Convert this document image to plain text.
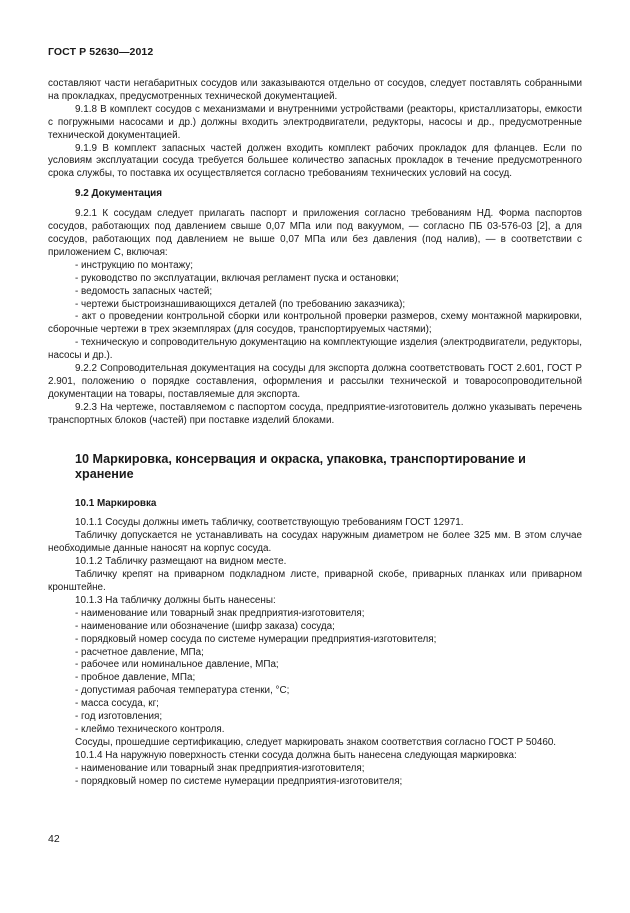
ГОСТ Р 52630—2012

составляют части негабаритных сосудов или заказываются отдельно от сосудов, следует поставлять собранными на прокладках, предусмотренных технической документацией.

9.1.8 В комплект сосудов с механизмами и внутренними устройствами (реакторы, кристаллизаторы, емкости с погружными насосами и др.) должны входить электродвигатели, редукторы, насосы и др., предусмотренные технической документацией.

9.1.9 В комплект запасных частей должен входить комплект рабочих прокладок для фланцев. Если по условиям эксплуатации сосуда требуется большее количество запасных прокладок в течение предусмотренного срока службы, то поставка их осуществляется согласно требованиям технических условий на сосуд.

9.2 Документация

9.2.1 К сосудам следует прилагать паспорт и приложения согласно требованиям НД. Форма паспортов сосудов, работающих под давлением свыше 0,07 МПа или под вакуумом, — согласно ПБ 03-576-03 [2], а для сосудов, работающих под давлением не выше 0,07 МПа или без давления (под налив), — в соответствии с приложением С, включая:

- инструкцию по монтажу;

- руководство по эксплуатации, включая регламент пуска и остановки;

- ведомость запасных частей;

- чертежи быстроизнашивающихся деталей (по требованию заказчика);

- акт о проведении контрольной сборки или контрольной проверки размеров, схему монтажной маркировки, сборочные чертежи в трех экземплярах (для сосудов, транспортируемых частями);

- техническую и сопроводительную документацию на комплектующие изделия (электродвигатели, редукторы, насосы и др.).

9.2.2 Сопроводительная документация на сосуды для экспорта должна соответствовать ГОСТ 2.601, ГОСТ Р 2.901, положению о порядке составления, оформления и рассылки технической и товаросопроводительной документации на товары, поставляемые для экспорта.

9.2.3 На чертеже, поставляемом с паспортом сосуда, предприятие-изготовитель должно указывать перечень транспортных блоков (частей) при поставке изделий блоками.

10 Маркировка, консервация и окраска, упаковка, транспортирование и хранение
10.1 Маркировка

10.1.1 Сосуды должны иметь табличку, соответствующую требованиям ГОСТ 12971.

Табличку допускается не устанавливать на сосудах наружным диаметром не более 325 мм. В этом случае необходимые данные наносят на корпус сосуда.

10.1.2 Табличку размещают на видном месте.

Табличку крепят на приварном подкладном листе, приварной скобе, приварных планках или приварном кронштейне.

10.1.3 На табличку должны быть нанесены:

- наименование или товарный знак предприятия-изготовителя;

- наименование или обозначение (шифр заказа) сосуда;

- порядковый номер сосуда по системе нумерации предприятия-изготовителя;

- расчетное давление, МПа;

- рабочее или номинальное давление, МПа;

- пробное давление, МПа;

- допустимая рабочая температура стенки, °С;

- масса сосуда, кг;

- год изготовления;

- клеймо технического контроля.

Сосуды, прошедшие сертификацию, следует маркировать знаком соответствия согласно ГОСТ Р 50460.

10.1.4 На наружную поверхность стенки сосуда должна быть нанесена следующая маркировка:

- наименование или товарный знак предприятия-изготовителя;

- порядковый номер по системе нумерации предприятия-изготовителя;

42
